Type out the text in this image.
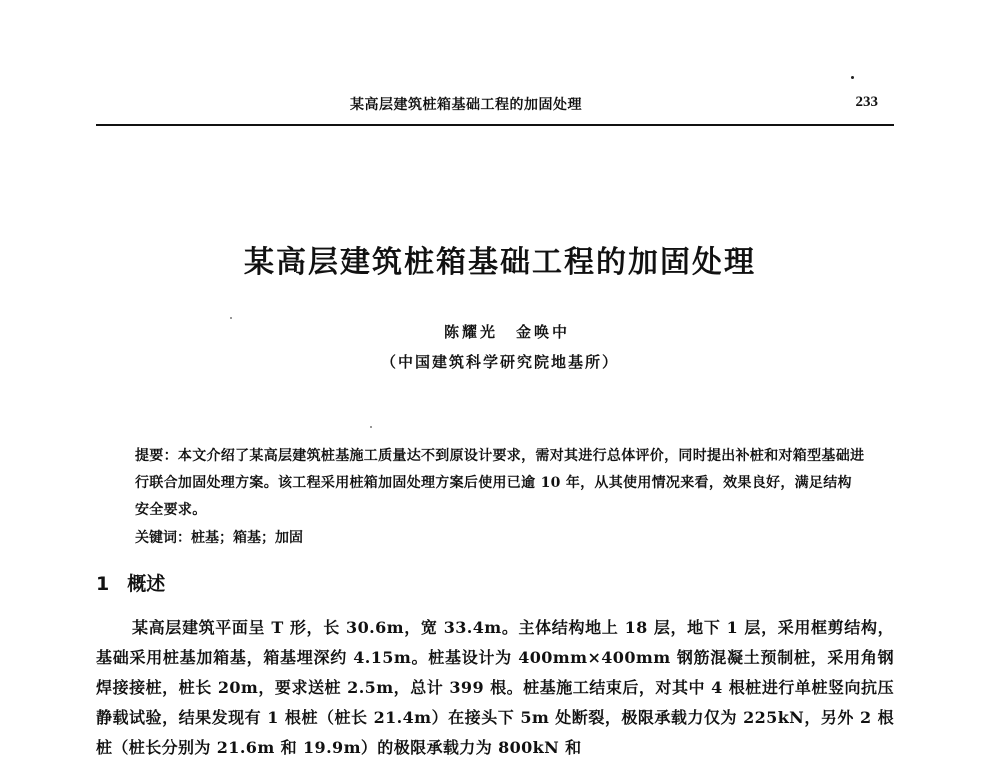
某高层建筑桩箱基础工程的加固处理	233
某高层建筑桩箱基础工程的加固处理
陈耀光　金唤中
（中国建筑科学研究院地基所）

提要：本文介绍了某高层建筑桩基施工质量达不到原设计要求，需对其进行总体评价，同时提出补桩和对箱型基础进行联合加固处理方案。该工程采用桩箱加固处理方案后使用已逾 10 年，从其使用情况来看，效果良好，满足结构安全要求。

关键词：桩基；箱基；加固
1 概述

某高层建筑平面呈 T 形，长 30.6m，宽 33.4m。主体结构地上 18 层，地下 1 层，采用框剪结构，基础采用桩基加箱基，箱基埋深约 4.15m。桩基设计为 400mm×400mm 钢筋混凝土预制桩，采用角钢焊接接桩，桩长 20m，要求送桩 2.5m，总计 399 根。桩基施工结束后，对其中 4 根桩进行单桩竖向抗压静载试验，结果发现有 1 根桩（桩长 21.4m）在接头下 5m 处断裂，极限承载力仅为 225kN，另外 2 根桩（桩长分别为 21.6m 和 19.9m）的极限承载力为 800kN 和
